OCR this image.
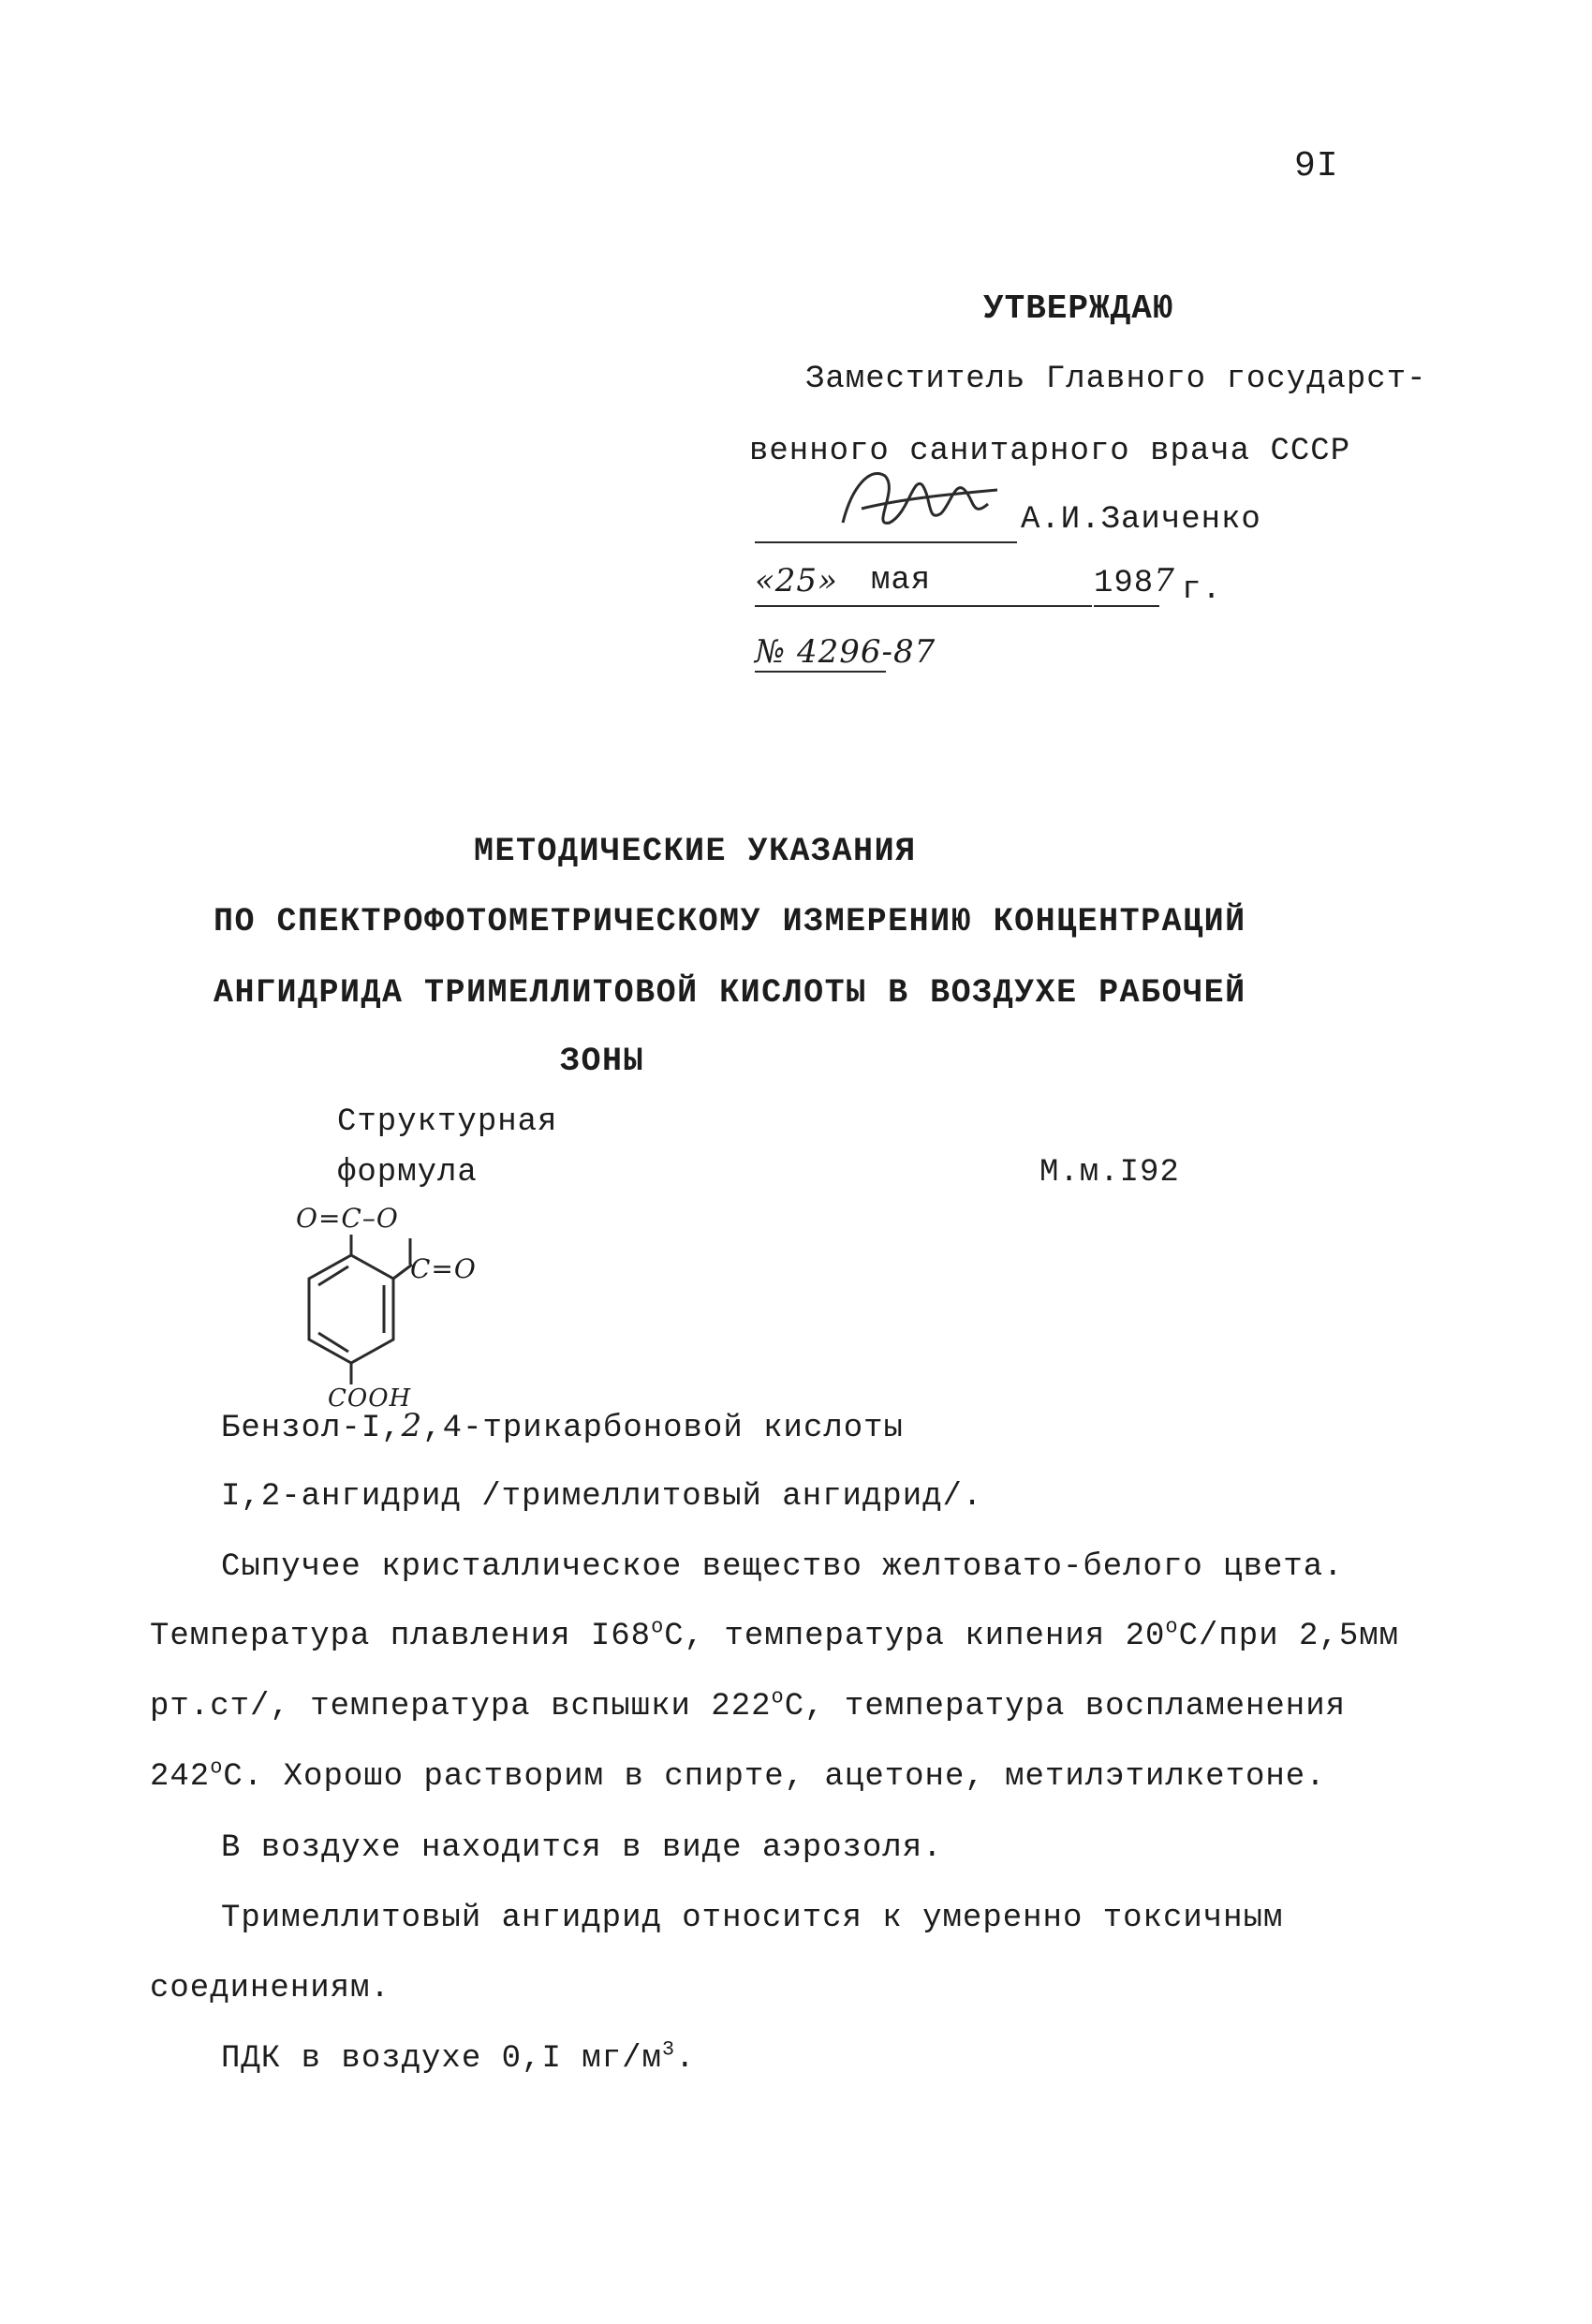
9I
УТВЕРЖДАЮ
Заместитель Главного государст-
венного санитарного врача СССР
А.И.Заиченко
«25» мая	1987 г.
№ 4296-87
МЕТОДИЧЕСКИЕ УКАЗАНИЯ
ПО СПЕКТРОФОТОМЕТРИЧЕСКОМУ ИЗМЕРЕНИЮ КОНЦЕНТРАЦИЙ
АНГИДРИДА ТРИМЕЛЛИТОВОЙ КИСЛОТЫ В ВОЗДУХЕ РАБОЧЕЙ
ЗОНЫ
Структурная
формула	М.м.I92
O=C–O
C=O
COOH
Бензол-I,2,4-трикарбоновой кислоты
I,2-ангидрид /тримеллитовый ангидрид/.
Сыпучее кристаллическое вещество желтовато-белого цвета.
Температура плавления I68$^o$C, температура кипения 20$^o$C/при 2,5мм
рт.ст/, температура вспышки 222$^o$C, температура воспламенения
242$^o$C. Хорошо растворим в спирте, ацетоне, метилэтилкетоне.
В воздухе находится в виде аэрозоля.
Тримеллитовый ангидрид относится к умеренно токсичным
соединениям.
ПДК в воздухе 0,I $мг/м^3$.
